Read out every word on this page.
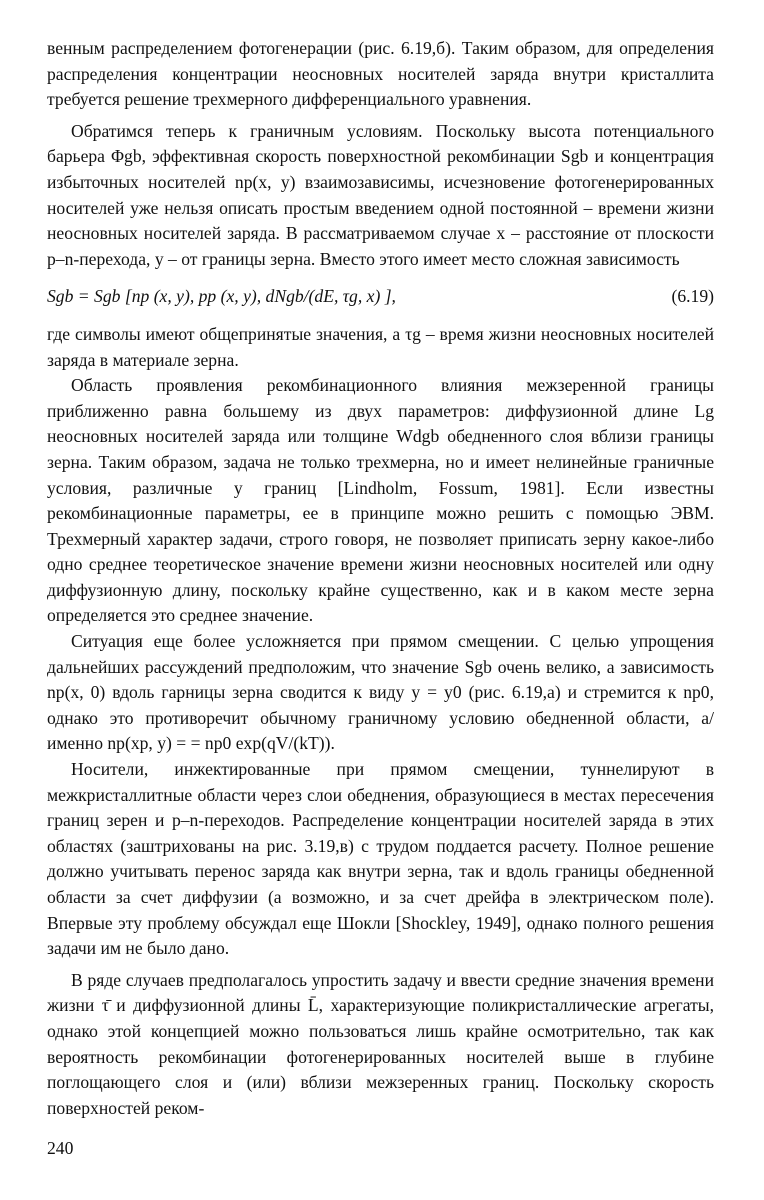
венным распределением фотогенерации (рис. 6.19,б). Таким образом, для определения распределения концентрации неосновных носителей заряда внутри кристаллита требуется решение трехмерного дифференциального уравнения.

Обратимся теперь к граничным условиям. Поскольку высота потенциального барьера Φgb, эффективная скорость поверхностной рекомбинации Sgb и концентрация избыточных носителей np(x, y) взаимозависимы, исчезновение фотогенерированных носителей уже нельзя описать простым введением одной постоянной – времени жизни неосновных носителей заряда. В рассматриваемом случае x – расстояние от плоскости p–n-перехода, y – от границы зерна. Вместо этого имеет место сложная зависимость

Sgb = Sgb [np (x, y), pp (x, y), dNgb/(dE, τg, x) ],	(6.19)

где символы имеют общепринятые значения, а τg – время жизни неосновных носителей заряда в материале зерна.

Область проявления рекомбинационного влияния межзеренной границы приближенно равна большему из двух параметров: диффузионной длине Lg неосновных носителей заряда или толщине Wdgb обедненного слоя вблизи границы зерна. Таким образом, задача не только трехмерна, но и имеет нелинейные граничные условия, различные у границ [Lindholm, Fossum, 1981]. Если известны рекомбинационные параметры, ее в принципе можно решить с помощью ЭВМ. Трехмерный характер задачи, строго говоря, не позволяет приписать зерну какое-либо одно среднее теоретическое значение времени жизни неосновных носителей или одну диффузионную длину, поскольку крайне существенно, как и в каком месте зерна определяется это среднее значение.

Ситуация еще более усложняется при прямом смещении. С целью упрощения дальнейших рассуждений предположим, что значение Sgb очень велико, а зависимость np(x, 0) вдоль гарницы зерна сводится к виду y = y0 (рис. 6.19,а) и стремится к np0, однако это противоречит обычному граничному условию обедненной области, а/ именно np(xp, y) = = np0 exp(qV/(kT)).

Носители, инжектированные при прямом смещении, туннелируют в межкристаллитные области через слои обеднения, образующиеся в местах пересечения границ зерен и p–n-переходов. Распределение концентрации носителей заряда в этих областях (заштрихованы на рис. 3.19,в) с трудом поддается расчету. Полное решение должно учитывать перенос заряда как внутри зерна, так и вдоль границы обедненной области за счет диффузии (а возможно, и за счет дрейфа в электрическом поле). Впервые эту проблему обсуждал еще Шокли [Shockley, 1949], однако полного решения задачи им не было дано.

В ряде случаев предполагалось упростить задачу и ввести средние значения времени жизни τ̄ и диффузионной длины L̄, характеризующие поликристаллические агрегаты, однако этой концепцией можно пользоваться лишь крайне осмотрительно, так как вероятность рекомбинации фотогенерированных носителей выше в глубине поглощающего слоя и (или) вблизи межзеренных границ. Поскольку скорость поверхностей реком-

240
